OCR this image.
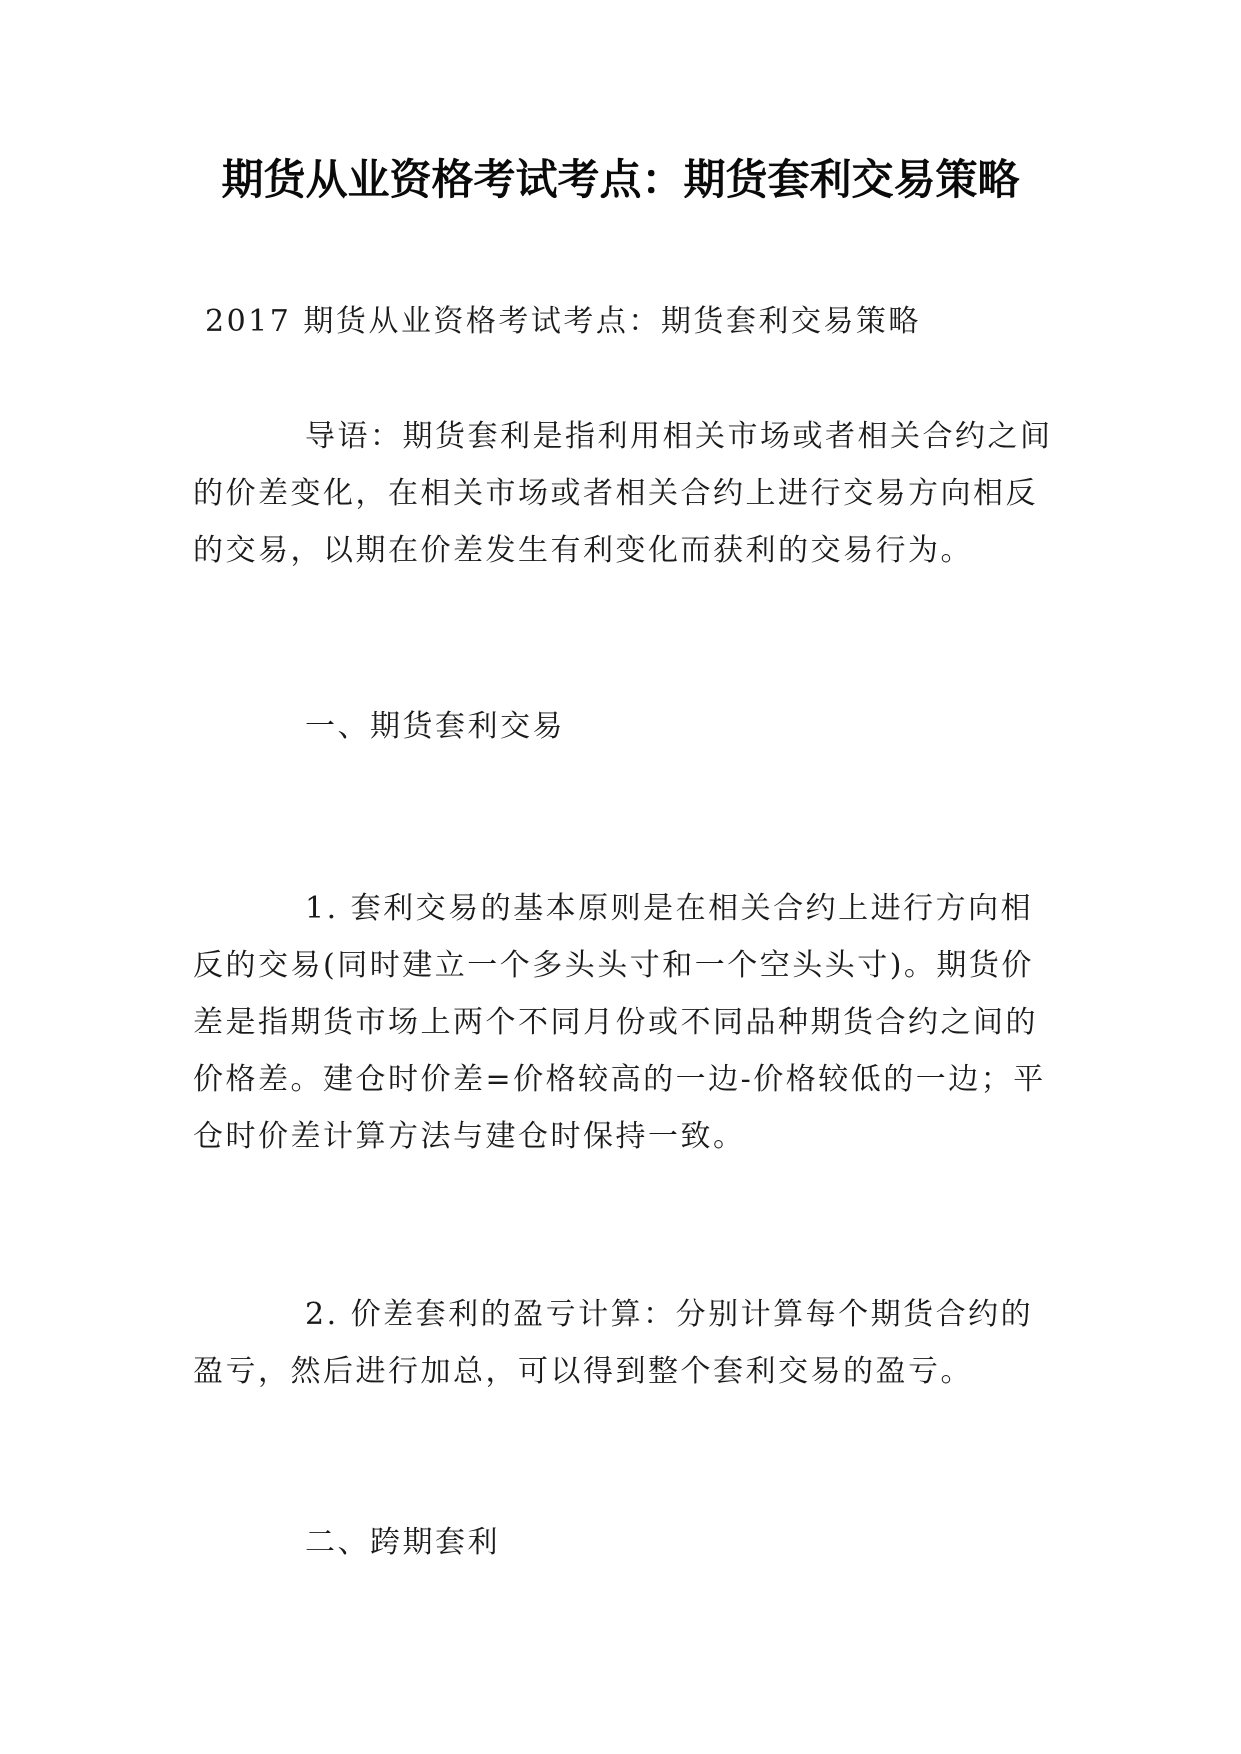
期货从业资格考试考点：期货套利交易策略

2017 期货从业资格考试考点：期货套利交易策略

导语：期货套利是指利用相关市场或者相关合约之间的价差变化，在相关市场或者相关合约上进行交易方向相反的交易，以期在价差发生有利变化而获利的交易行为。

一、期货套利交易

1. 套利交易的基本原则是在相关合约上进行方向相反的交易(同时建立一个多头头寸和一个空头头寸)。期货价差是指期货市场上两个不同月份或不同品种期货合约之间的价格差。建仓时价差=价格较高的一边-价格较低的一边；平仓时价差计算方法与建仓时保持一致。

2. 价差套利的盈亏计算：分别计算每个期货合约的盈亏，然后进行加总，可以得到整个套利交易的盈亏。

二、跨期套利
